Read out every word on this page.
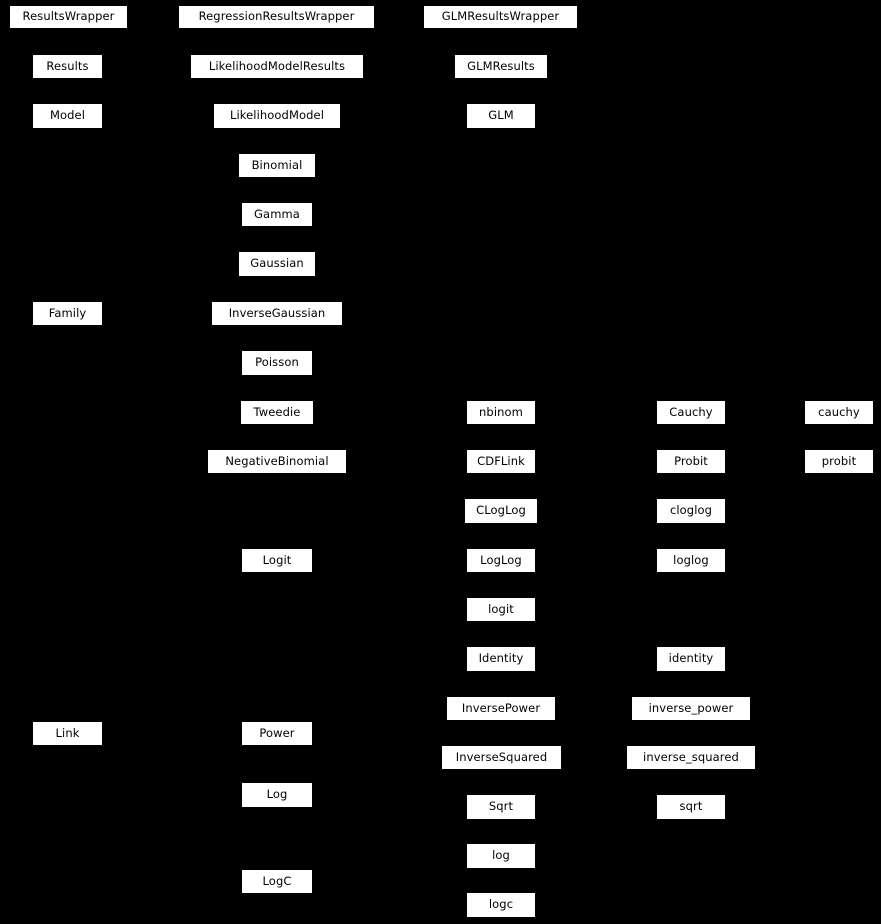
ResultsWrapper	RegressionResultsWrapper	GLMResultsWrapper
Results	LikelihoodModelResults	GLMResults
Model	LikelihoodModel	GLM
Binomial
Gamma
Gaussian
Family	InverseGaussian
Poisson
Tweedie	nbinom	Cauchy	cauchy
NegativeBinomial	CDFLink	Probit	probit
CLogLog	cloglog
Logit	LogLog	loglog
logit
Identity	identity
InversePower	inverse_power
Link	Power
InverseSquared	inverse_squared
Log
Sqrt	sqrt
log
LogC
logc
